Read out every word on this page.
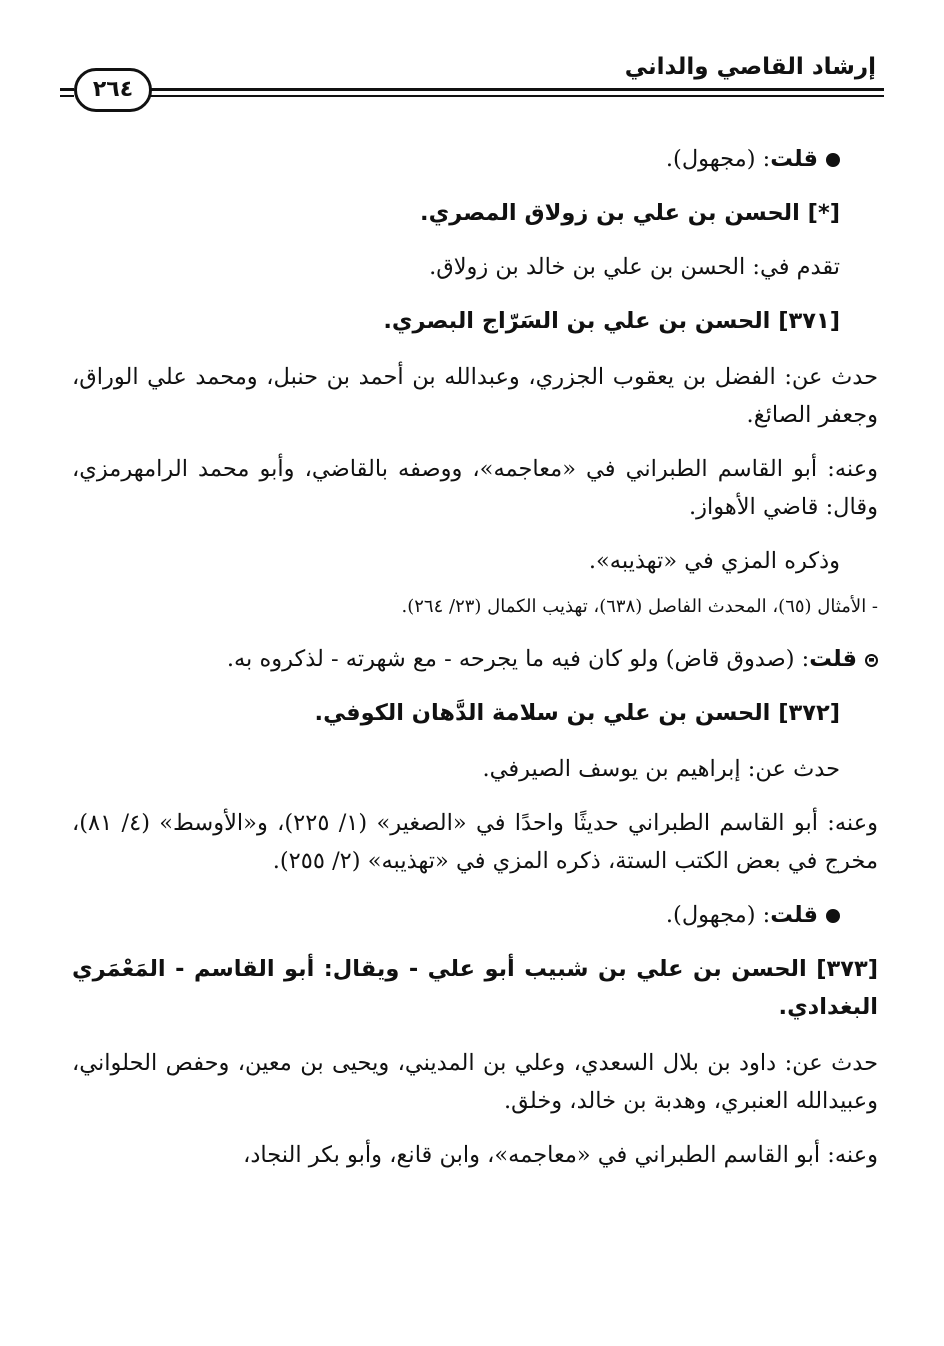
٢٦٤
إرشاد القاصي والداني

قلت: (مجهول).

[*] الحسن بن علي بن زولاق المصري.

تقدم في: الحسن بن علي بن خالد بن زولاق.

[٣٧١] الحسن بن علي بن السَرّاج البصري.

حدث عن: الفضل بن يعقوب الجزري، وعبدالله بن أحمد بن حنبل، ومحمد علي الوراق، وجعفر الصائغ.

وعنه: أبو القاسم الطبراني في «معاجمه»، ووصفه بالقاضي، وأبو محمد الرامهرمزي، وقال: قاضي الأهواز.

وذكره المزي في «تهذيبه».

- الأمثال (٦٥)، المحدث الفاصل (٦٣٨)، تهذيب الكمال (٢٣/ ٢٦٤).

قلت: (صدوق قاض) ولو كان فيه ما يجرحه - مع شهرته - لذكروه به.

[٣٧٢] الحسن بن علي بن سلامة الدَّهان الكوفي.

حدث عن: إبراهيم بن يوسف الصيرفي.

وعنه: أبو القاسم الطبراني حديثًا واحدًا في «الصغير» (١/ ٢٢٥)، و«الأوسط» (٤/ ٨١)، مخرج في بعض الكتب الستة، ذكره المزي في «تهذيبه» (٢/ ٢٥٥).

قلت: (مجهول).

[٣٧٣] الحسن بن علي بن شبيب أبو علي - ويقال: أبو القاسم - المَعْمَري البغدادي.

حدث عن: داود بن بلال السعدي، وعلي بن المديني، ويحيى بن معين، وحفص الحلواني، وعبيدالله العنبري، وهدبة بن خالد، وخلق.

وعنه: أبو القاسم الطبراني في «معاجمه»، وابن قانع، وأبو بكر النجاد،
